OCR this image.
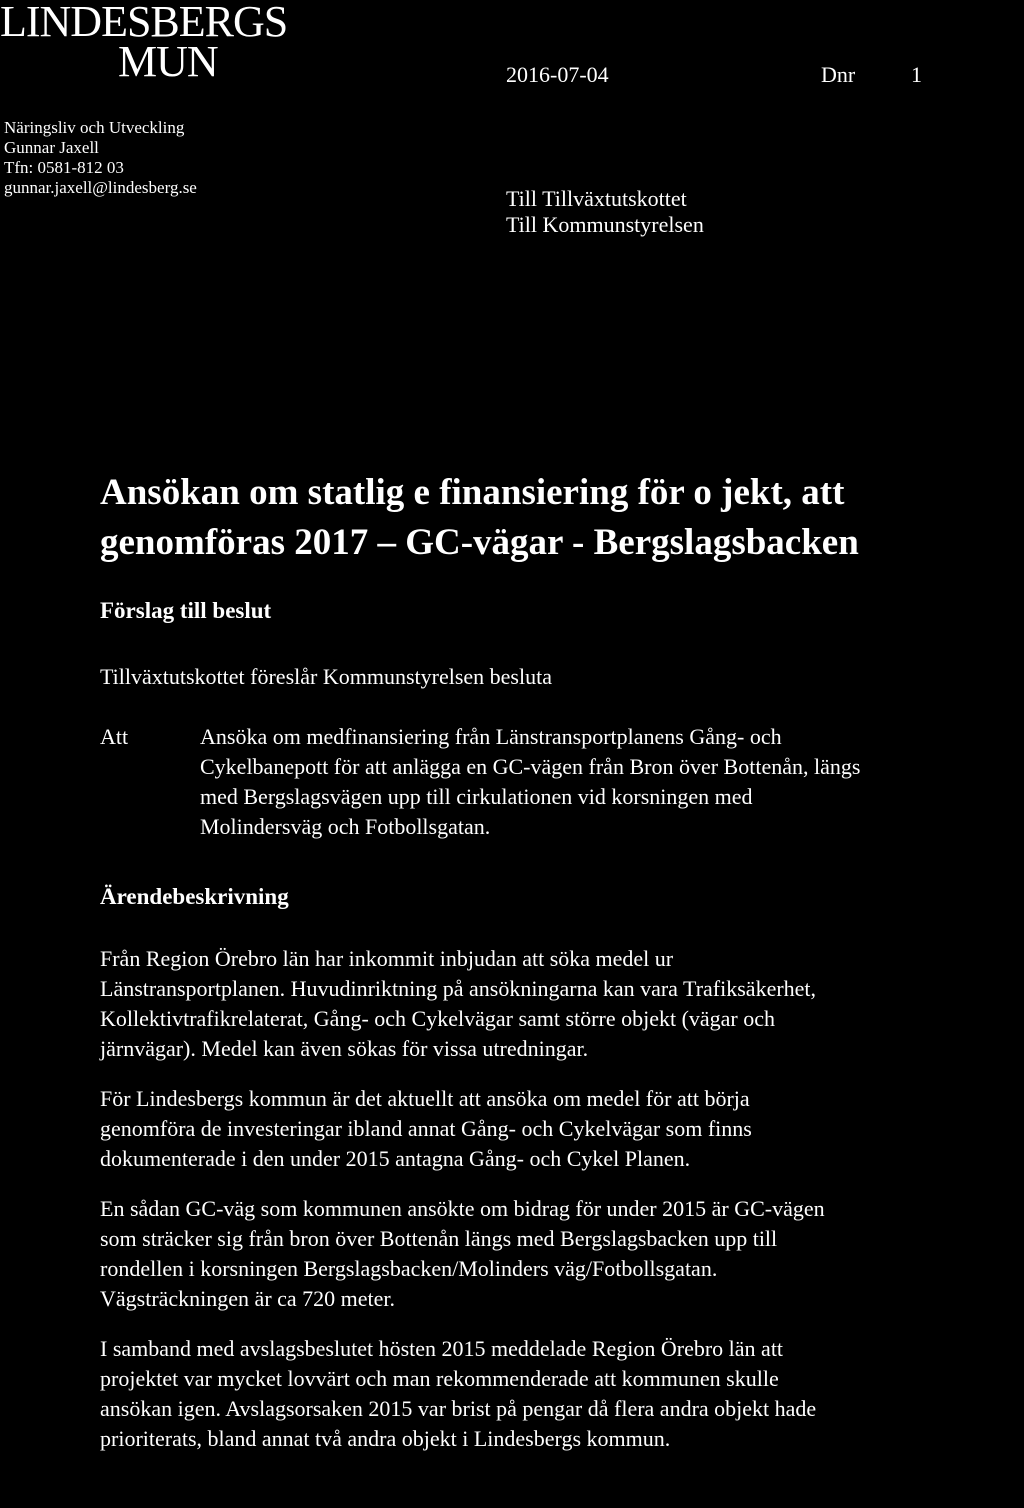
LINDESBERGS
MUN	2016-07-04	Dnr	1
Näringsliv och Utveckling
Gunnar Jaxell
Tfn: 0581-812 03
gunnar.jaxell@lindesberg.se	Till Tillväxtutskottet
Till Kommunstyrelsen
Ansökan om statlig e finansiering för o jekt, att
genomföras 2017 – GC-vägar - Bergslagsbacken
Förslag till beslut
Tillväxtutskottet föreslår Kommunstyrelsen besluta
Att	Ansöka om medfinansiering från Länstransportplanens Gång- och
Cykelbanepott för att anlägga en GC-vägen från Bron över Bottenån, längs
med Bergslagsvägen upp till cirkulationen vid korsningen med
Molindersväg och Fotbollsgatan.
Ärendebeskrivning

Från Region Örebro län har inkommit inbjudan att söka medel ur
Länstransportplanen. Huvudinriktning på ansökningarna kan vara Trafiksäkerhet,
Kollektivtrafikrelaterat, Gång- och Cykelvägar samt större objekt (vägar och
järnvägar). Medel kan även sökas för vissa utredningar.

För Lindesbergs kommun är det aktuellt att ansöka om medel för att börja
genomföra de investeringar ibland annat Gång- och Cykelvägar som finns
dokumenterade i den under 2015 antagna Gång- och Cykel Planen.

En sådan GC-väg som kommunen ansökte om bidrag för under 2015 är GC-vägen
som sträcker sig från bron över Bottenån längs med Bergslagsbacken upp till
rondellen i korsningen Bergslagsbacken/Molinders väg/Fotbollsgatan.
Vägsträckningen är ca 720 meter.

I samband med avslagsbeslutet hösten 2015 meddelade Region Örebro län att
projektet var mycket lovvärt och man rekommenderade att kommunen skulle
ansökan igen. Avslagsorsaken 2015 var brist på pengar då flera andra objekt hade
prioriterats, bland annat två andra objekt i Lindesbergs kommun.
